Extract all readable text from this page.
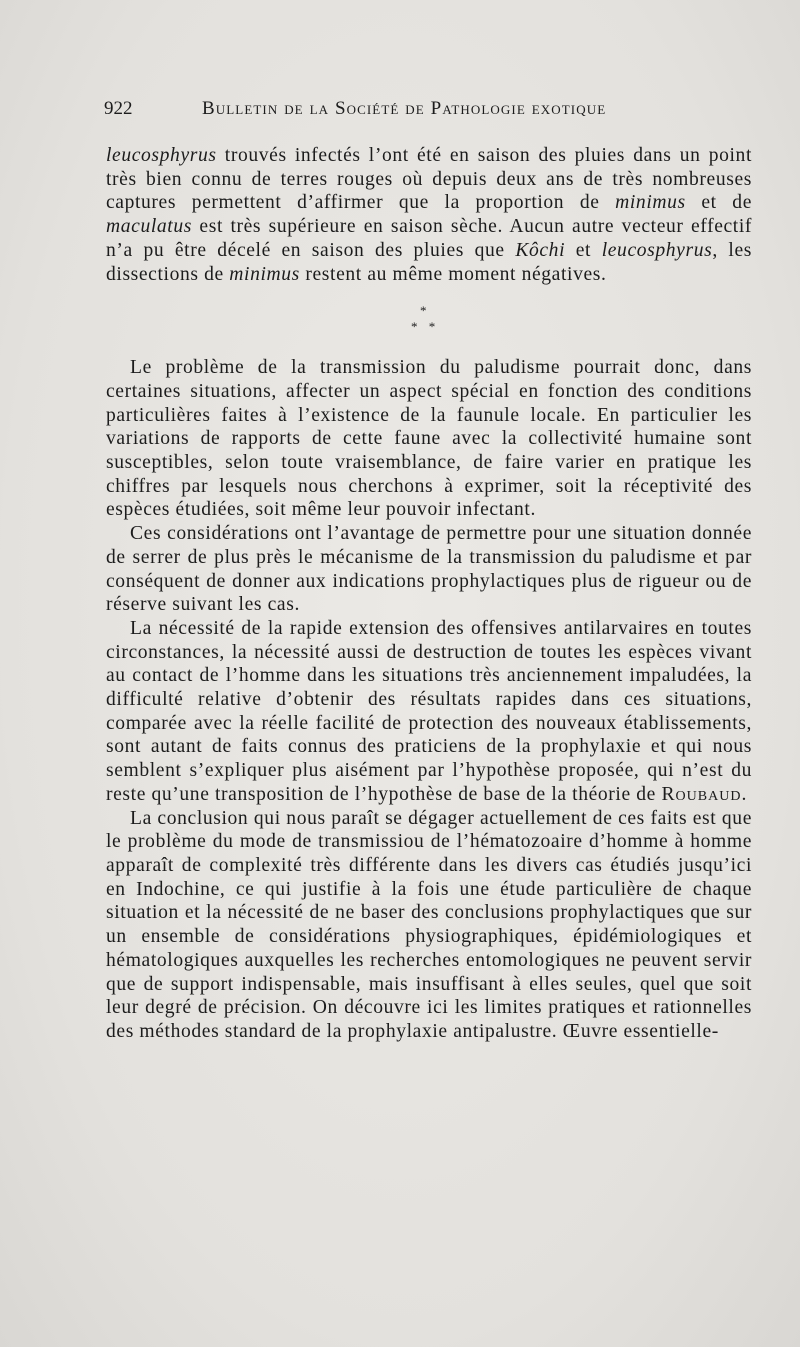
922	Bulletin de la Société de Pathologie exotique

leucosphyrus trouvés infectés l’ont été en saison des pluies dans un point très bien connu de terres rouges où depuis deux ans de très nombreuses captures permettent d’affirmer que la proportion de minimus et de maculatus est très supérieure en saison sèche. Aucun autre vecteur effectif n’a pu être décelé en saison des pluies que Kôchi et leucosphyrus, les dissections de minimus restent au même moment négatives.

*
* *

Le problème de la transmission du paludisme pourrait donc, dans certaines situations, affecter un aspect spécial en fonction des conditions particulières faites à l’existence de la faunule locale. En particulier les variations de rapports de cette faune avec la collectivité humaine sont susceptibles, selon toute vraisemblance, de faire varier en pratique les chiffres par lesquels nous cherchons à exprimer, soit la réceptivité des espèces étudiées, soit même leur pouvoir infectant.

Ces considérations ont l’avantage de permettre pour une situation donnée de serrer de plus près le mécanisme de la transmission du paludisme et par conséquent de donner aux indications prophylactiques plus de rigueur ou de réserve suivant les cas.

La nécessité de la rapide extension des offensives antilarvaires en toutes circonstances, la nécessité aussi de destruction de toutes les espèces vivant au contact de l’homme dans les situations très anciennement impaludées, la difficulté relative d’obtenir des résultats rapides dans ces situations, comparée avec la réelle facilité de protection des nouveaux établissements, sont autant de faits connus des praticiens de la prophylaxie et qui nous semblent s’expliquer plus aisément par l’hypothèse proposée, qui n’est du reste qu’une transposition de l’hypothèse de base de la théorie de Roubaud.

La conclusion qui nous paraît se dégager actuellement de ces faits est que le problème du mode de transmissiou de l’hématozoaire d’homme à homme apparaît de complexité très différente dans les divers cas étudiés jusqu’ici en Indochine, ce qui justifie à la fois une étude particulière de chaque situation et la nécessité de ne baser des conclusions prophylactiques que sur un ensemble de considérations physiographiques, épidémiologiques et hématologiques auxquelles les recherches entomologiques ne peuvent servir que de support indispensable, mais insuffisant à elles seules, quel que soit leur degré de précision. On découvre ici les limites pratiques et rationnelles des méthodes standard de la prophylaxie antipalustre. Œuvre essentielle-
